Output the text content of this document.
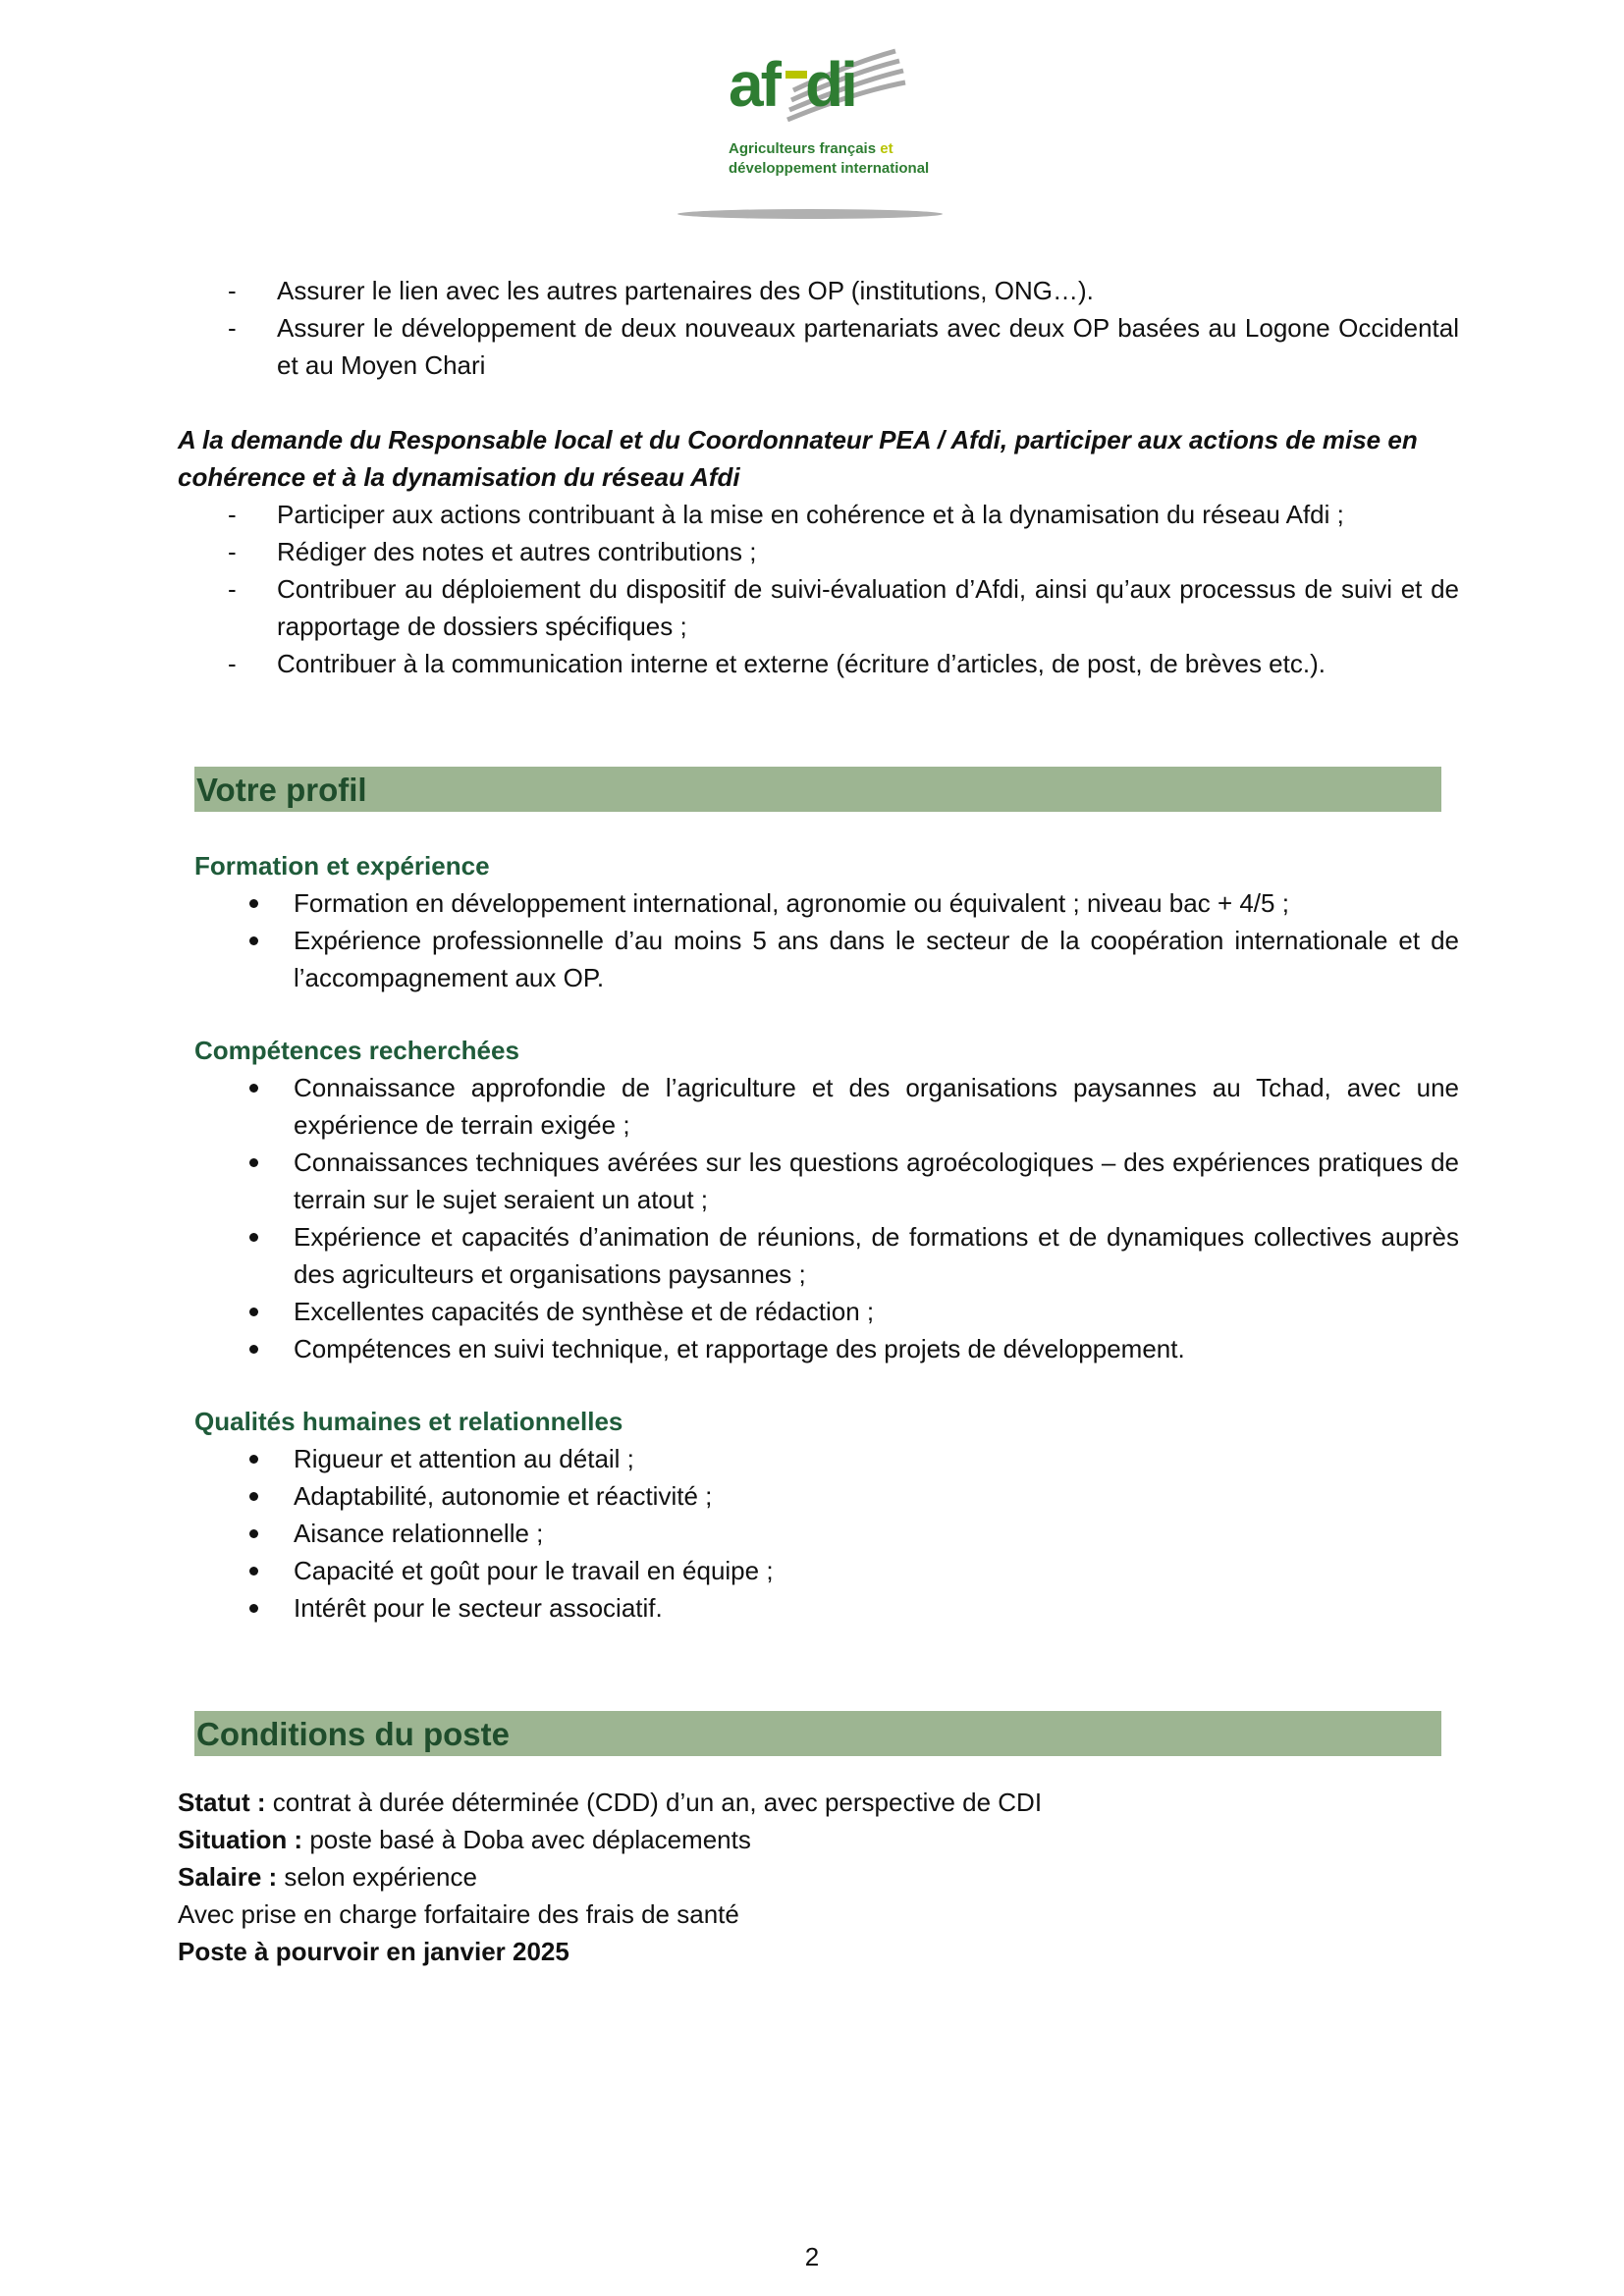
af di
Agriculteurs français et
développement international
- Assurer le lien avec les autres partenaires des OP (institutions, ONG…).
- Assurer le développement de deux nouveaux partenariats avec deux OP basées au Logone Occidental et au Moyen Chari
A la demande du Responsable local et du Coordonnateur PEA / Afdi, participer aux actions de mise en cohérence et à la dynamisation du réseau Afdi
- Participer aux actions contribuant à la mise en cohérence et à la dynamisation du réseau Afdi ;
- Rédiger des notes et autres contributions ;
- Contribuer au déploiement du dispositif de suivi-évaluation d’Afdi, ainsi qu’aux processus de suivi et de rapportage de dossiers spécifiques ;
- Contribuer à la communication interne et externe (écriture d’articles, de post, de brèves etc.).
Votre profil
Formation et expérience
Formation en développement international, agronomie ou équivalent ; niveau bac + 4/5 ;
Expérience professionnelle d’au moins 5 ans dans le secteur de la coopération internationale et de l’accompagnement aux OP.
Compétences recherchées
Connaissance approfondie de l’agriculture et des organisations paysannes au Tchad, avec une expérience de terrain exigée ;
Connaissances techniques avérées sur les questions agroécologiques – des expériences pratiques de terrain sur le sujet seraient un atout ;
Expérience et capacités d’animation de réunions, de formations et de dynamiques collectives auprès des agriculteurs et organisations paysannes ;
Excellentes capacités de synthèse et de rédaction ;
Compétences en suivi technique, et rapportage des projets de développement.
Qualités humaines et relationnelles
Rigueur et attention au détail ;
Adaptabilité, autonomie et réactivité ;
Aisance relationnelle ;
Capacité et goût pour le travail en équipe ;
Intérêt pour le secteur associatif.
Conditions du poste
Statut : contrat à durée déterminée (CDD) d’un an, avec perspective de CDI
Situation : poste basé à Doba avec déplacements
Salaire : selon expérience
Avec prise en charge forfaitaire des frais de santé
Poste à pourvoir en janvier 2025
2
